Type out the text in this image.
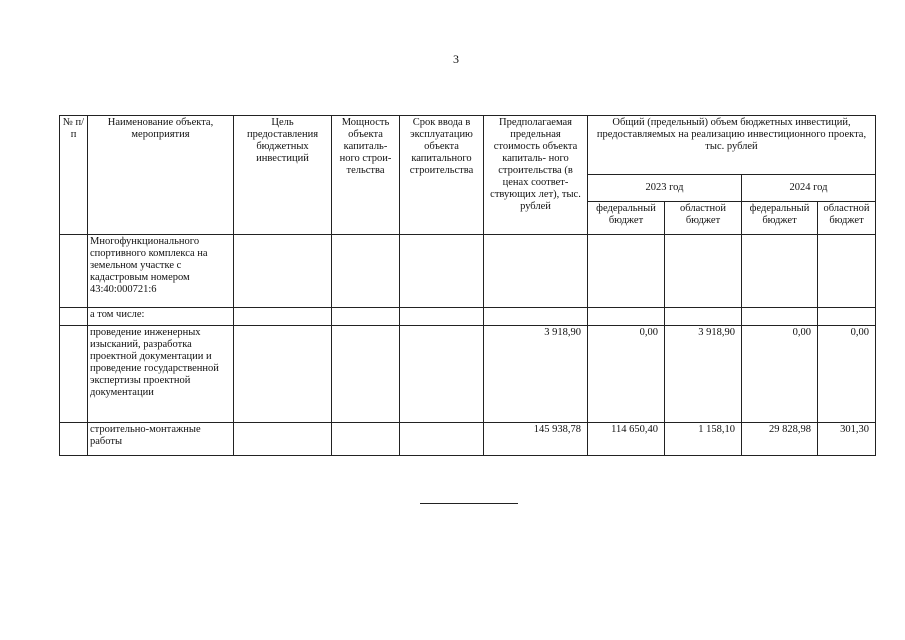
3
№ п/п	Наименование объекта, мероприятия	Цель предоставления бюджетных инвестиций	Мощность объекта капиталь- ного строи- тельства	Срок ввода в эксплуатацию объекта капитального строительства	Предполагаемая предельная стоимость объекта капиталь- ного строительства (в ценах соответ- ствующих лет), тыс. рублей	Общий (предельный) объем бюджетных инвестиций, предоставляемых на реализацию инвестиционного проекта, тыс. рублей			
						2023 год		2024 год	
						федеральный бюджет	областной бюджет	федеральный бюджет	областной бюджет
	Многофункционального спортивного комплекса на земельном участке с кадастровым номером 43:40:000721:6								
	а том числе:								
	проведение инженерных изысканий, разработка проектной документации и проведение государственной экспертизы проектной документации				3 918,90	0,00	3 918,90	0,00	0,00
	строительно-монтажные работы				145 938,78	114 650,40	1 158,10	29 828,98	301,30
